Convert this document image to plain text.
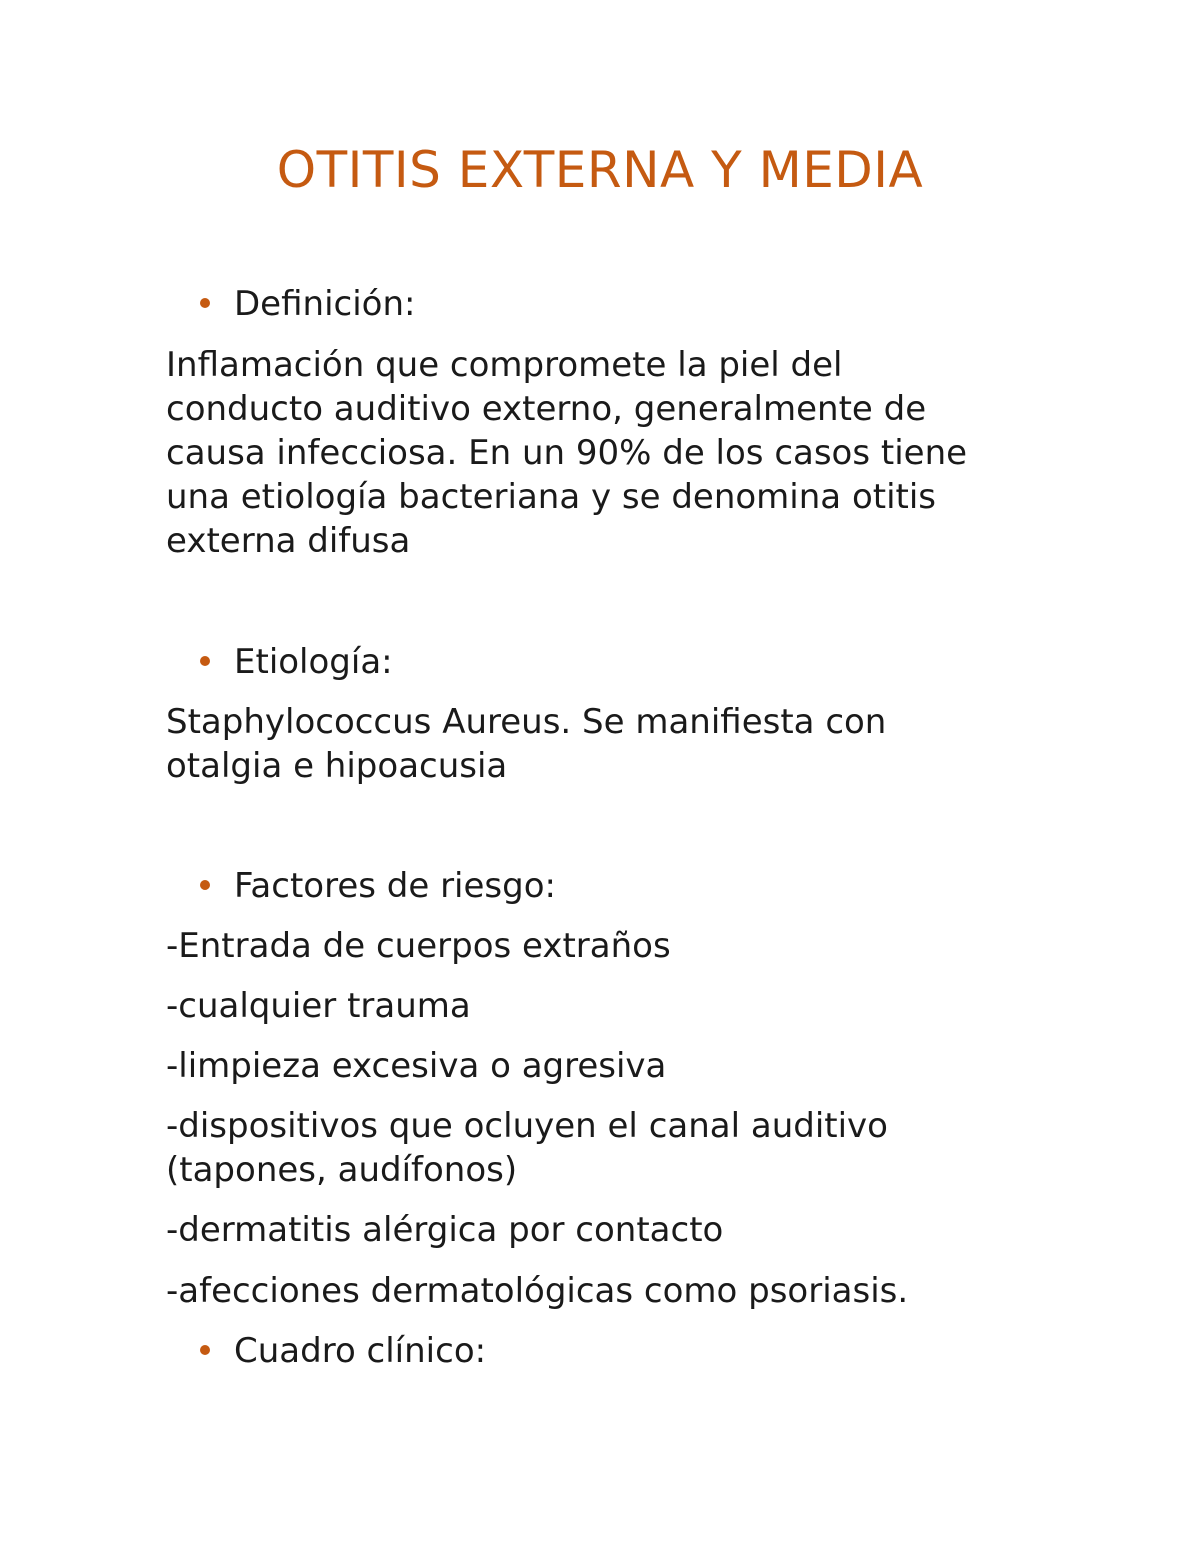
OTITIS EXTERNA Y MEDIA
Definición:
Inflamación que compromete la piel del
conducto auditivo externo, generalmente de
causa infecciosa. En un 90% de los casos tiene
una etiología bacteriana y se denomina otitis
externa difusa
Etiología:
Staphylococcus Aureus. Se manifiesta con
otalgia e hipoacusia
Factores de riesgo:
-Entrada de cuerpos extraños
-cualquier trauma
-limpieza excesiva o agresiva
-dispositivos que ocluyen el canal auditivo
(tapones, audífonos)
-dermatitis alérgica por contacto
-afecciones dermatológicas como psoriasis.
Cuadro clínico:
